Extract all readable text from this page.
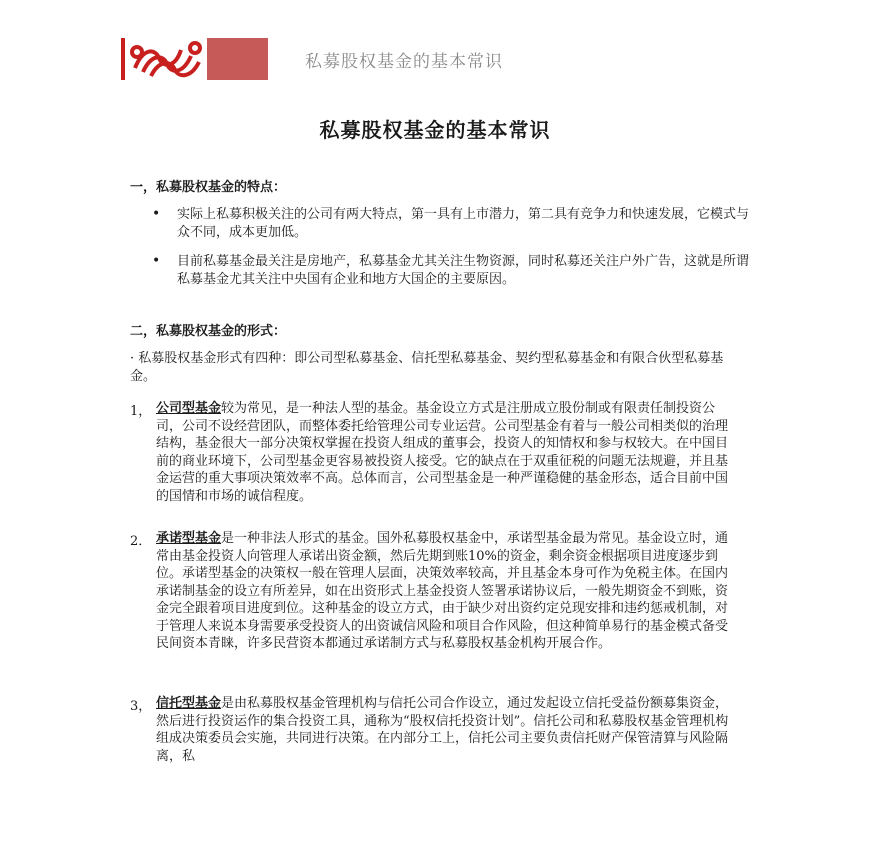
私募股权基金的基本常识
私募股权基金的基本常识
一，私募股权基金的特点：
• 实际上私募积极关注的公司有两大特点，第一具有上市潜力，第二具有竞争力和快速发展，它模式与众不同，成本更加低。
• 目前私募基金最关注是房地产，私募基金尤其关注生物资源，同时私募还关注户外广告，这就是所谓私募基金尤其关注中央国有企业和地方大国企的主要原因。
二，私募股权基金的形式：
· 私募股权基金形式有四种：即公司型私募基金、信托型私募基金、契约型私募基金和有限合伙型私募基金。
1， 公司型基金较为常见，是一种法人型的基金。基金设立方式是注册成立股份制或有限责任制投资公司，公司不设经营团队，而整体委托给管理公司专业运营。公司型基金有着与一般公司相类似的治理结构，基金很大一部分决策权掌握在投资人组成的董事会，投资人的知情权和参与权较大。在中国目前的商业环境下，公司型基金更容易被投资人接受。它的缺点在于双重征税的问题无法规避，并且基金运营的重大事项决策效率不高。总体而言，公司型基金是一种严谨稳健的基金形态，适合目前中国的国情和市场的诚信程度。
2． 承诺型基金是一种非法人形式的基金。国外私募股权基金中，承诺型基金最为常见。基金设立时，通常由基金投资人向管理人承诺出资金额，然后先期到账10%的资金，剩余资金根据项目进度逐步到位。承诺型基金的决策权一般在管理人层面，决策效率较高，并且基金本身可作为免税主体。在国内承诺制基金的设立有所差异，如在出资形式上基金投资人签署承诺协议后，一般先期资金不到账，资金完全跟着项目进度到位。这种基金的设立方式，由于缺少对出资约定兑现安排和违约惩戒机制，对于管理人来说本身需要承受投资人的出资诚信风险和项目合作风险，但这种简单易行的基金模式备受民间资本青睐，许多民营资本都通过承诺制方式与私募股权基金机构开展合作。
3， 信托型基金是由私募股权基金管理机构与信托公司合作设立，通过发起设立信托受益份额募集资金，然后进行投资运作的集合投资工具，通称为“股权信托投资计划”。信托公司和私募股权基金管理机构组成决策委员会实施，共同进行决策。在内部分工上，信托公司主要负责信托财产保管清算与风险隔离，私
